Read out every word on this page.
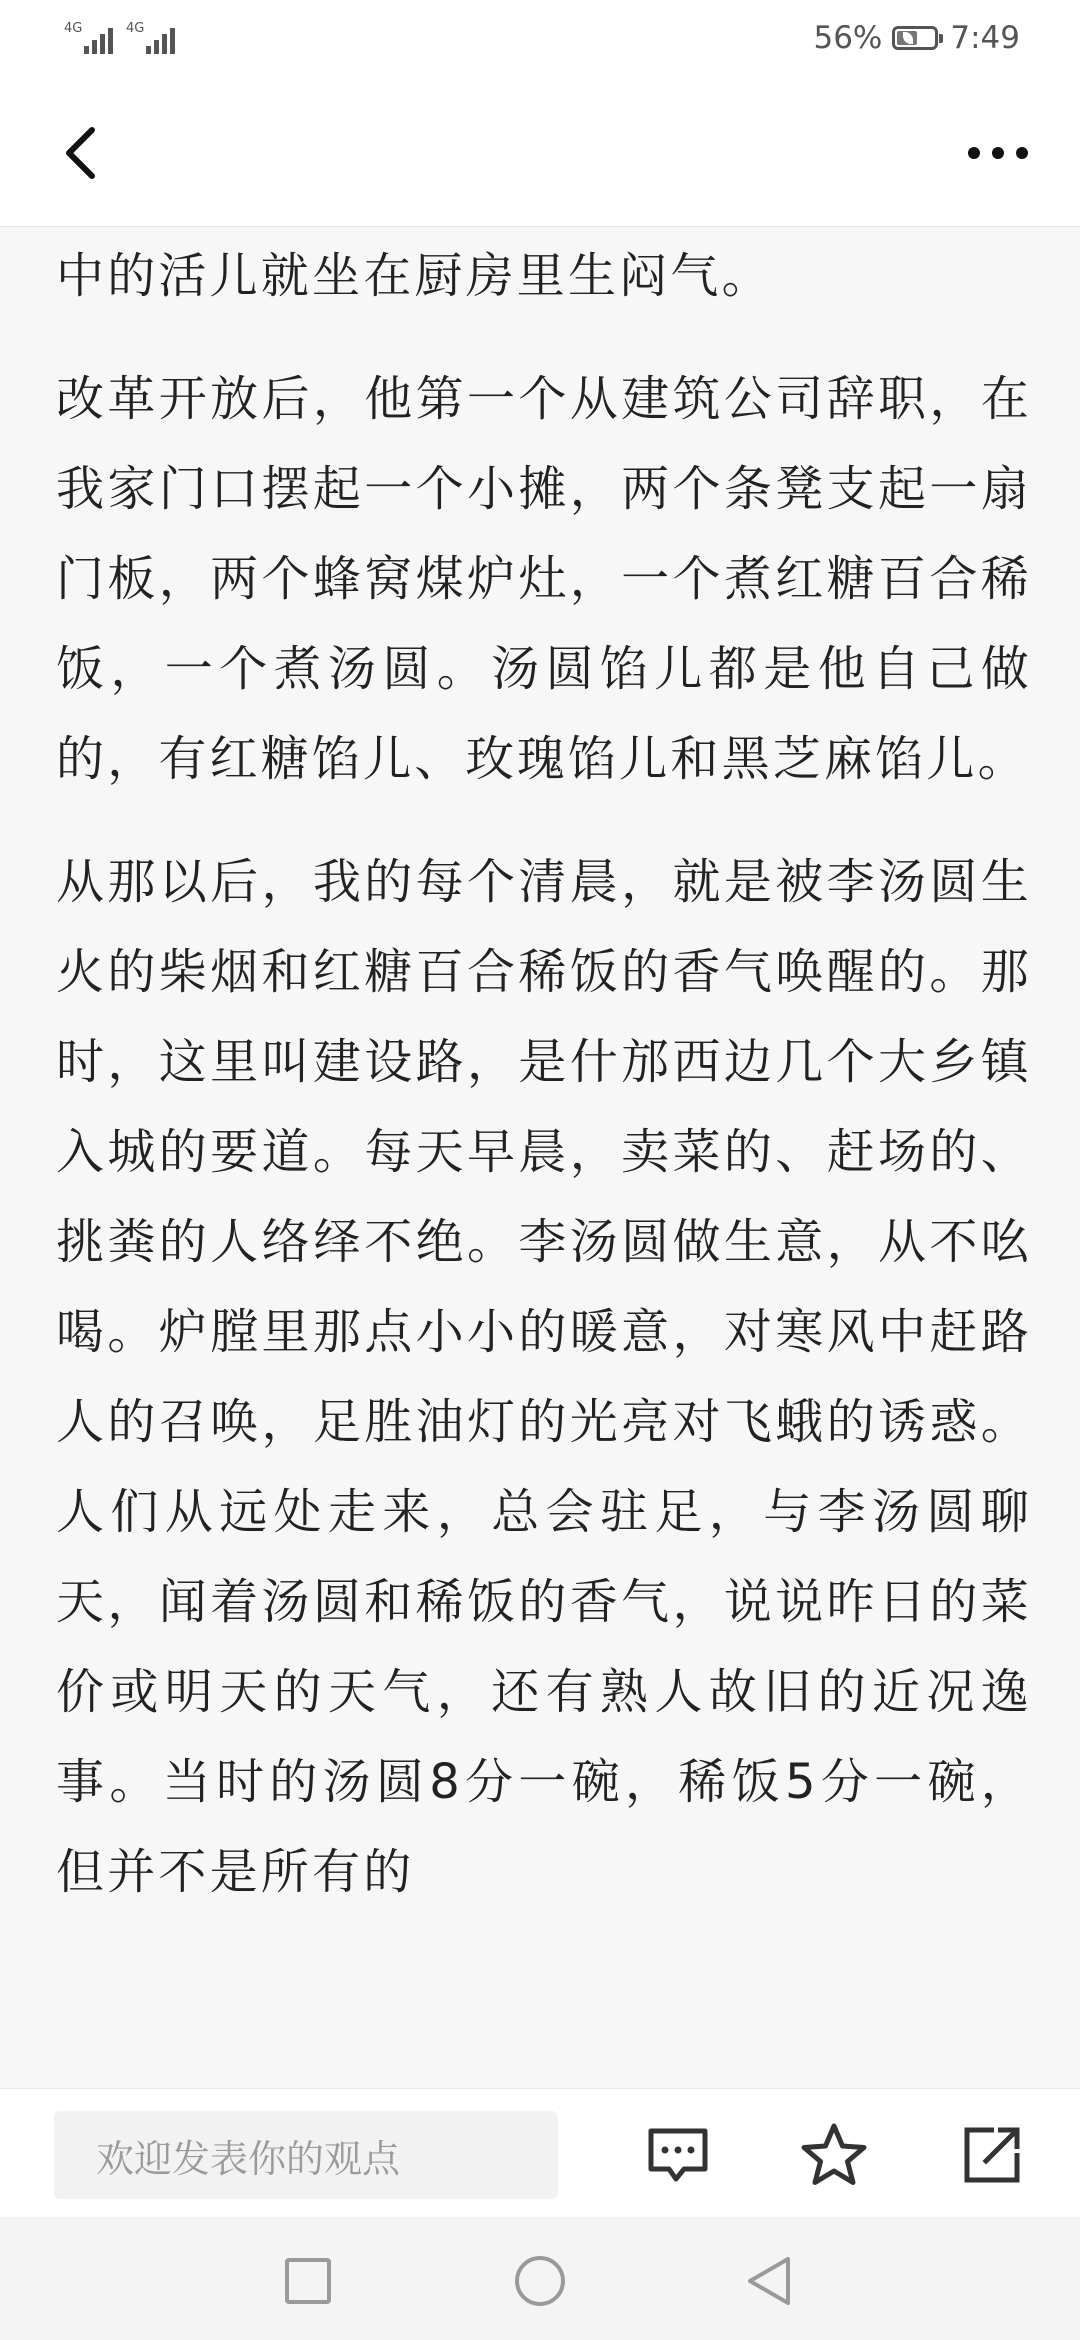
4G	4G	56% 7:49

中的活儿就坐在厨房里生闷气。

改革开放后，他第一个从建筑公司辞职，在我家门口摆起一个小摊，两个条凳支起一扇门板，两个蜂窝煤炉灶，一个煮红糖百合稀饭，一个煮汤圆。汤圆馅儿都是他自己做的，有红糖馅儿、玫瑰馅儿和黑芝麻馅儿。

从那以后，我的每个清晨，就是被李汤圆生火的柴烟和红糖百合稀饭的香气唤醒的。那时，这里叫建设路，是什邡西边几个大乡镇入城的要道。每天早晨，卖菜的、赶场的、挑粪的人络绎不绝。李汤圆做生意，从不吆喝。炉膛里那点小小的暖意，对寒风中赶路人的召唤，足胜油灯的光亮对飞蛾的诱惑。人们从远处走来，总会驻足，与李汤圆聊天，闻着汤圆和稀饭的香气，说说昨日的菜价或明天的天气，还有熟人故旧的近况逸事。当时的汤圆8分一碗，稀饭5分一碗，但并不是所有的

欢迎发表你的观点
